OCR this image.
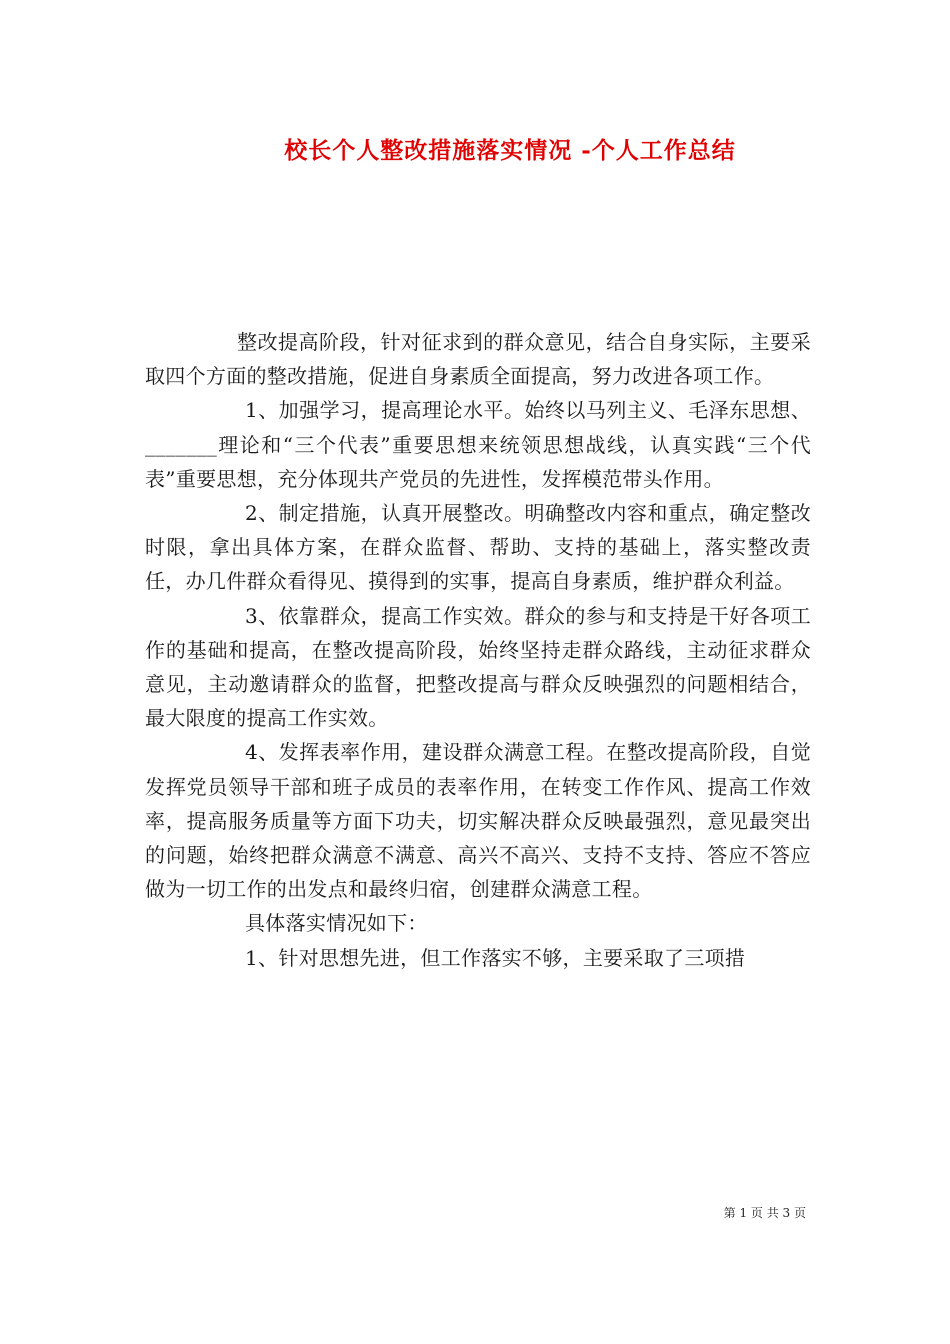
校长个人整改措施落实情况 -个人工作总结

整改提高阶段，针对征求到的群众意见，结合自身实际，主要采取四个方面的整改措施，促进自身素质全面提高，努力改进各项工作。

1、加强学习，提高理论水平。始终以马列主义、毛泽东思想、_______理论和“三个代表”重要思想来统领思想战线，认真实践“三个代表”重要思想，充分体现共产党员的先进性，发挥模范带头作用。

2、制定措施，认真开展整改。明确整改内容和重点，确定整改时限，拿出具体方案，在群众监督、帮助、支持的基础上，落实整改责任，办几件群众看得见、摸得到的实事，提高自身素质，维护群众利益。

3、依靠群众，提高工作实效。群众的参与和支持是干好各项工作的基础和提高，在整改提高阶段，始终坚持走群众路线，主动征求群众意见，主动邀请群众的监督，把整改提高与群众反映强烈的问题相结合，最大限度的提高工作实效。

4、发挥表率作用，建设群众满意工程。在整改提高阶段，自觉发挥党员领导干部和班子成员的表率作用，在转变工作作风、提高工作效率，提高服务质量等方面下功夫，切实解决群众反映最强烈，意见最突出的问题，始终把群众满意不满意、高兴不高兴、支持不支持、答应不答应做为一切工作的出发点和最终归宿，创建群众满意工程。

具体落实情况如下：

1、针对思想先进，但工作落实不够，主要采取了三项措

第 1 页 共 3 页
